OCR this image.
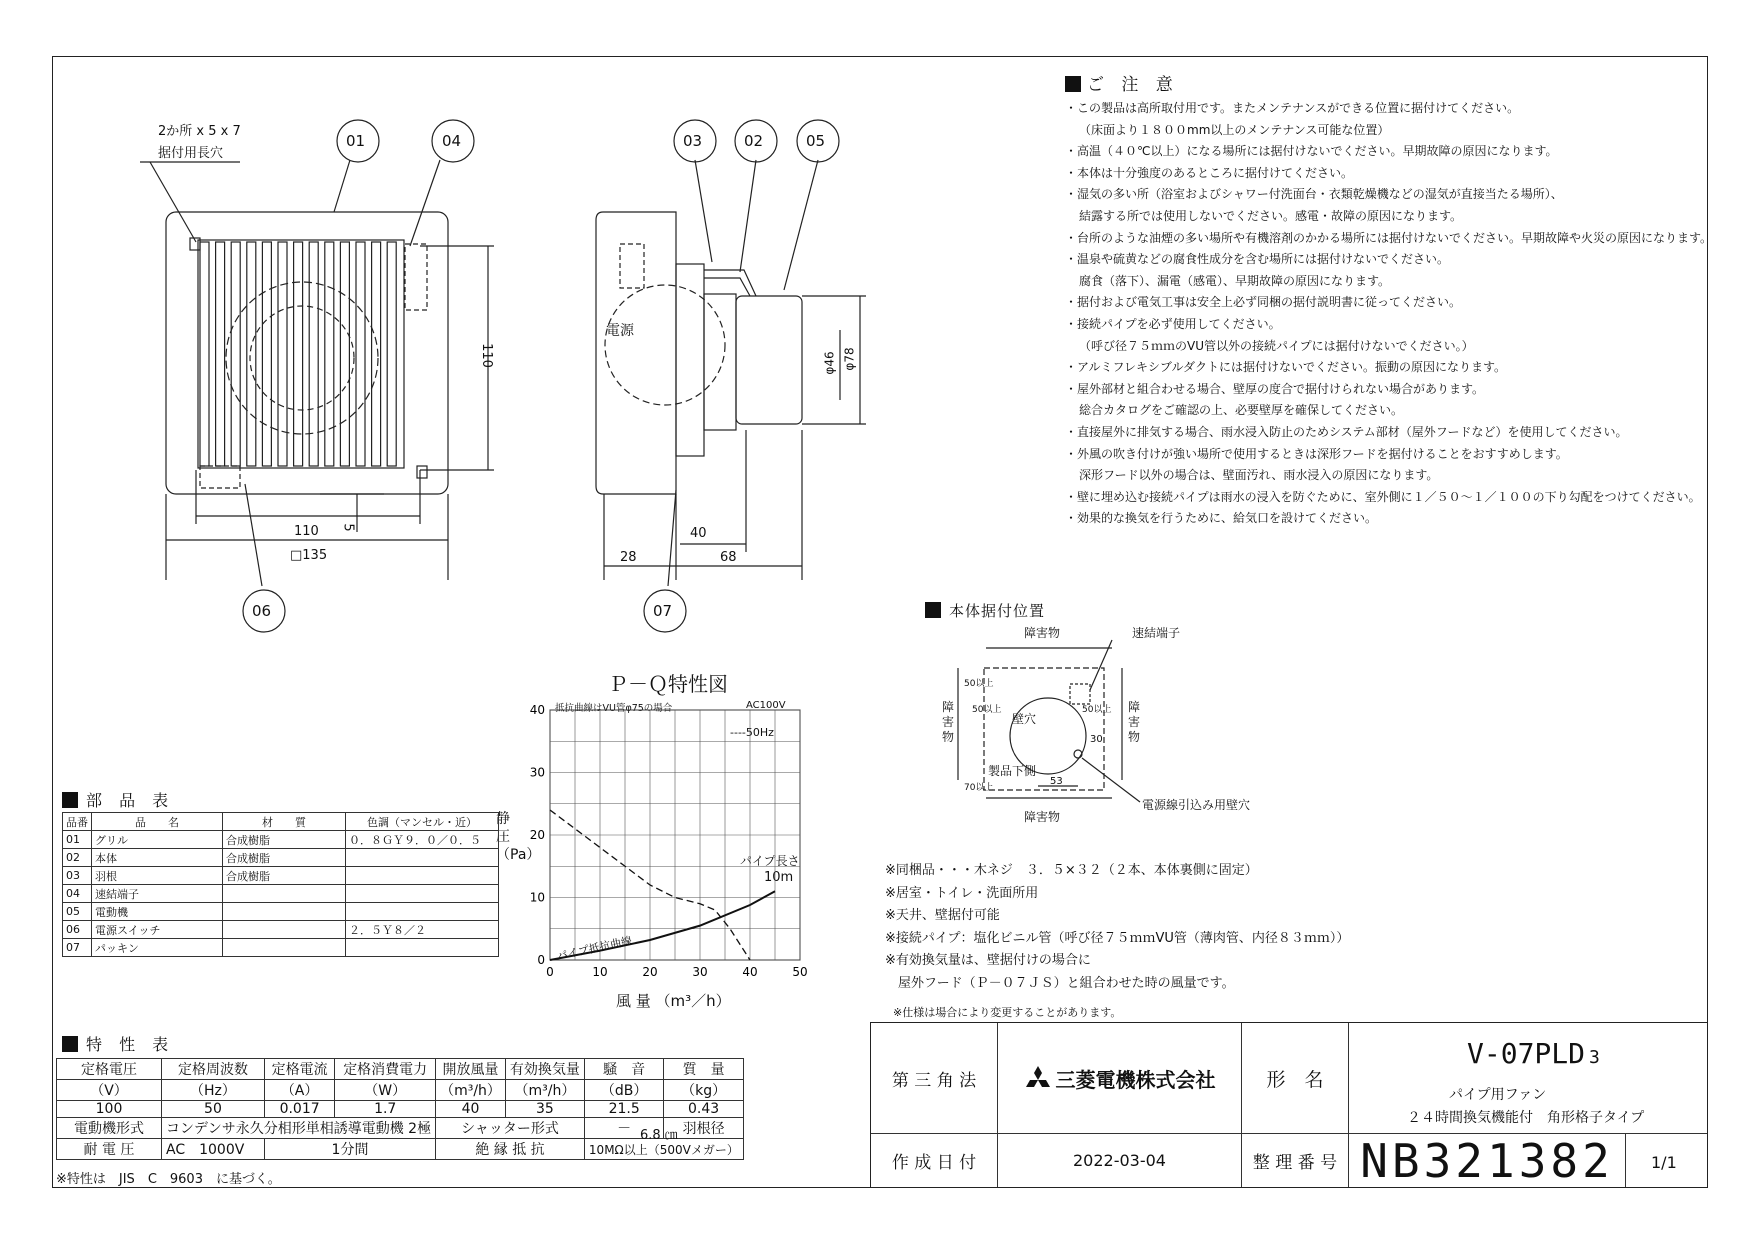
2か所 x 5 x 7
据付用長穴
01	04
06
110
110
□135
5
電源
03	02	05
07
φ46 φ78
40
28	68
ご 注 意
・この製品は高所取付用です。またメンテナンスができる位置に据付けてください。
（床面より１８００mm以上のメンテナンス可能な位置）
・高温（４０℃以上）になる場所には据付けないでください。早期故障の原因になります。
・本体は十分強度のあるところに据付けてください。
・湿気の多い所（浴室およびシャワー付洗面台・衣類乾燥機などの湿気が直接当たる場所）、
結露する所では使用しないでください。感電・故障の原因になります。
・台所のような油煙の多い場所や有機溶剤のかかる場所には据付けないでください。早期故障や火災の原因になります。
・温泉や硫黄などの腐食性成分を含む場所には据付けないでください。
腐食（落下）、漏電（感電）、早期故障の原因になります。
・据付および電気工事は安全上必ず同梱の据付説明書に従ってください。
・接続パイプを必ず使用してください。
（呼び径７５ｍｍのVU管以外の接続パイプには据付けないでください。）
・アルミフレキシブルダクトには据付けないでください。振動の原因になります。
・屋外部材と組合わせる場合、壁厚の度合で据付けられない場合があります。
総合カタログをご確認の上、必要壁厚を確保してください。
・直接屋外に排気する場合、雨水浸入防止のためシステム部材（屋外フードなど）を使用してください。
・外風の吹き付けが強い場所で使用するときは深形フードを据付けることをおすすめします。
深形フード以外の場合は、壁面汚れ、雨水浸入の原因になります。
・壁に埋め込む接続パイプは雨水の浸入を防ぐために、室外側に１／５０～１／１００の下り勾配をつけてください。
・効果的な換気を行うために、給気口を設けてください。
本体据付位置
障害物
障害物
障害物
障害物
速結端子
電源線引込み用壁穴
壁穴
製品下側
50以上
50以上	50以上
70以上
30
53
Ｐ－Ｑ特性図
抵抗曲線はVU管φ75の場合	AC100V
----50Hz
静圧（Pa）
風 量 （m³／h）
パイプ長さ
10m
パイプ抵抗曲線
0	10	20	30	40	50
0
10
20
30
40
部 品 表
品番	品　　名	材　　質	色調（マンセル・近）
01	グリル	合成樹脂	０．８ＧＹ９．０／０．５
02	本体	合成樹脂	
03	羽根	合成樹脂	
04	速結端子		
05	電動機		
06	電源スイッチ		２．５Ｙ８／２
07	パッキン		
特 性 表
定格電圧	定格周波数	定格電流	定格消費電力	開放風量	有効換気量	騒　音	質　量
（V）	（Hz）	（A）	（W）	（m³/h）	（m³/h）	（dB）	（kg）
100	50	0.017	1.7	40	35	21.5	0.43
電動機形式	コンデンサ永久分相形単相誘導電動機 2極			シャッター形式		－	羽根径
耐 電 圧	AC　1000V	1分間		絶 縁 抵 抗		10MΩ以上（500Vメガー）	
6.8 ㎝
※特性は　JIS　C　9603　に基づく。
※同梱品・・・木ネジ　３．５×３２（２本、本体裏側に固定）
※居室・トイレ・洗面所用
※天井、壁据付可能
※接続パイプ：塩化ビニル管（呼び径７５ｍｍVU管（薄肉管、内径８３ｍｍ））
※有効換気量は、壁据付けの場合に
　屋外フード（Ｐ－０７ＪＳ）と組合わせた時の風量です。
※仕様は場合により変更することがあります。
第 三 角 法	三菱電機株式会社	形　名
V-07PLD 3
パイプ用ファン
２４時間換気機能付　角形格子タイプ
作 成 日 付	2022-03-04	整 理 番 号 NB321382	1/1
